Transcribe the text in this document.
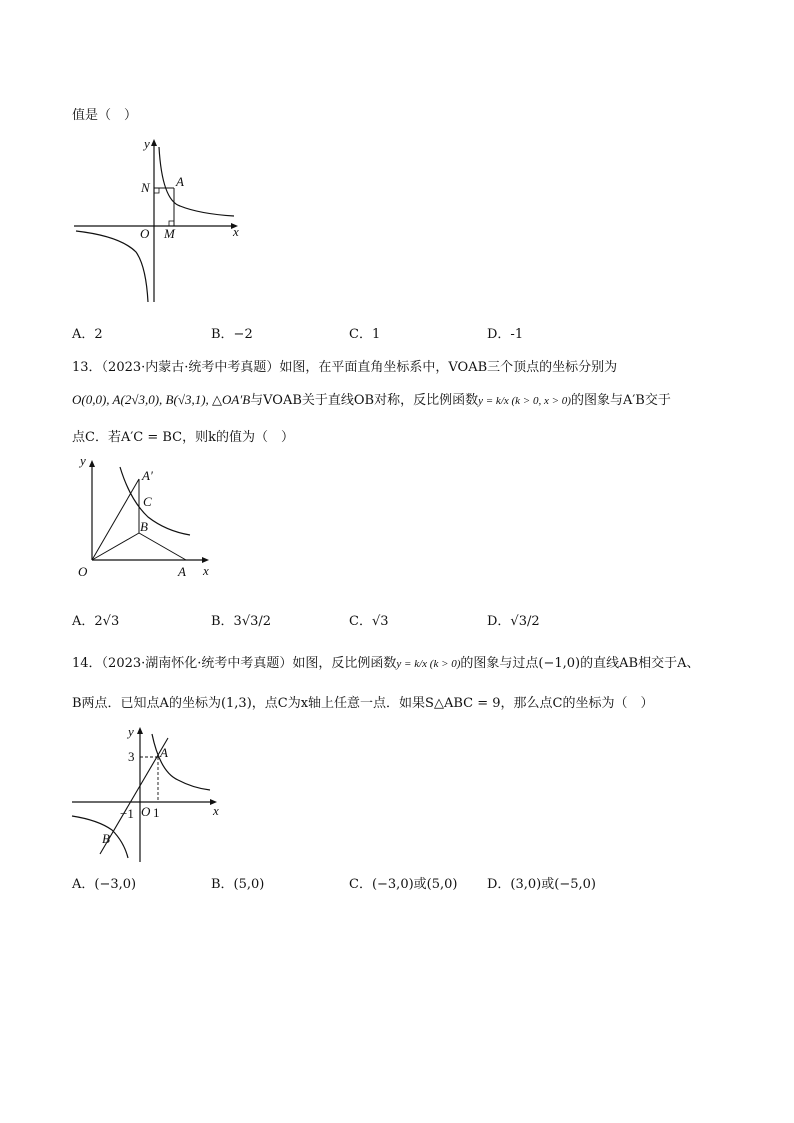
值是（　）
y
N A
O M	x
A．2	B．−2	C．1	D．-1
13．（2023·内蒙古·统考中考真题）如图，在平面直角坐标系中，VOAB三个顶点的坐标分别为
O(0,0), A(2√3,0), B(√3,1), △OA′B与VOAB关于直线OB对称，反比例函数y = k/x (k > 0, x > 0)的图象与A′B交于
点C．若A′C = BC，则k的值为（　）
y
A′
C
B
O	A x
A．2√3	B．3√3/2	C．√3	D．√3/2
14．（2023·湖南怀化·统考中考真题）如图，反比例函数y = k/x (k > 0)的图象与过点(−1,0)的直线AB相交于A、
B两点．已知点A的坐标为(1,3)，点C为x轴上任意一点．如果S△ABC = 9，那么点C的坐标为（　）
y
3 A
−1 O 1	x
B
A．(−3,0)	B．(5,0)	C．(−3,0)或(5,0) D．(3,0)或(−5,0)
